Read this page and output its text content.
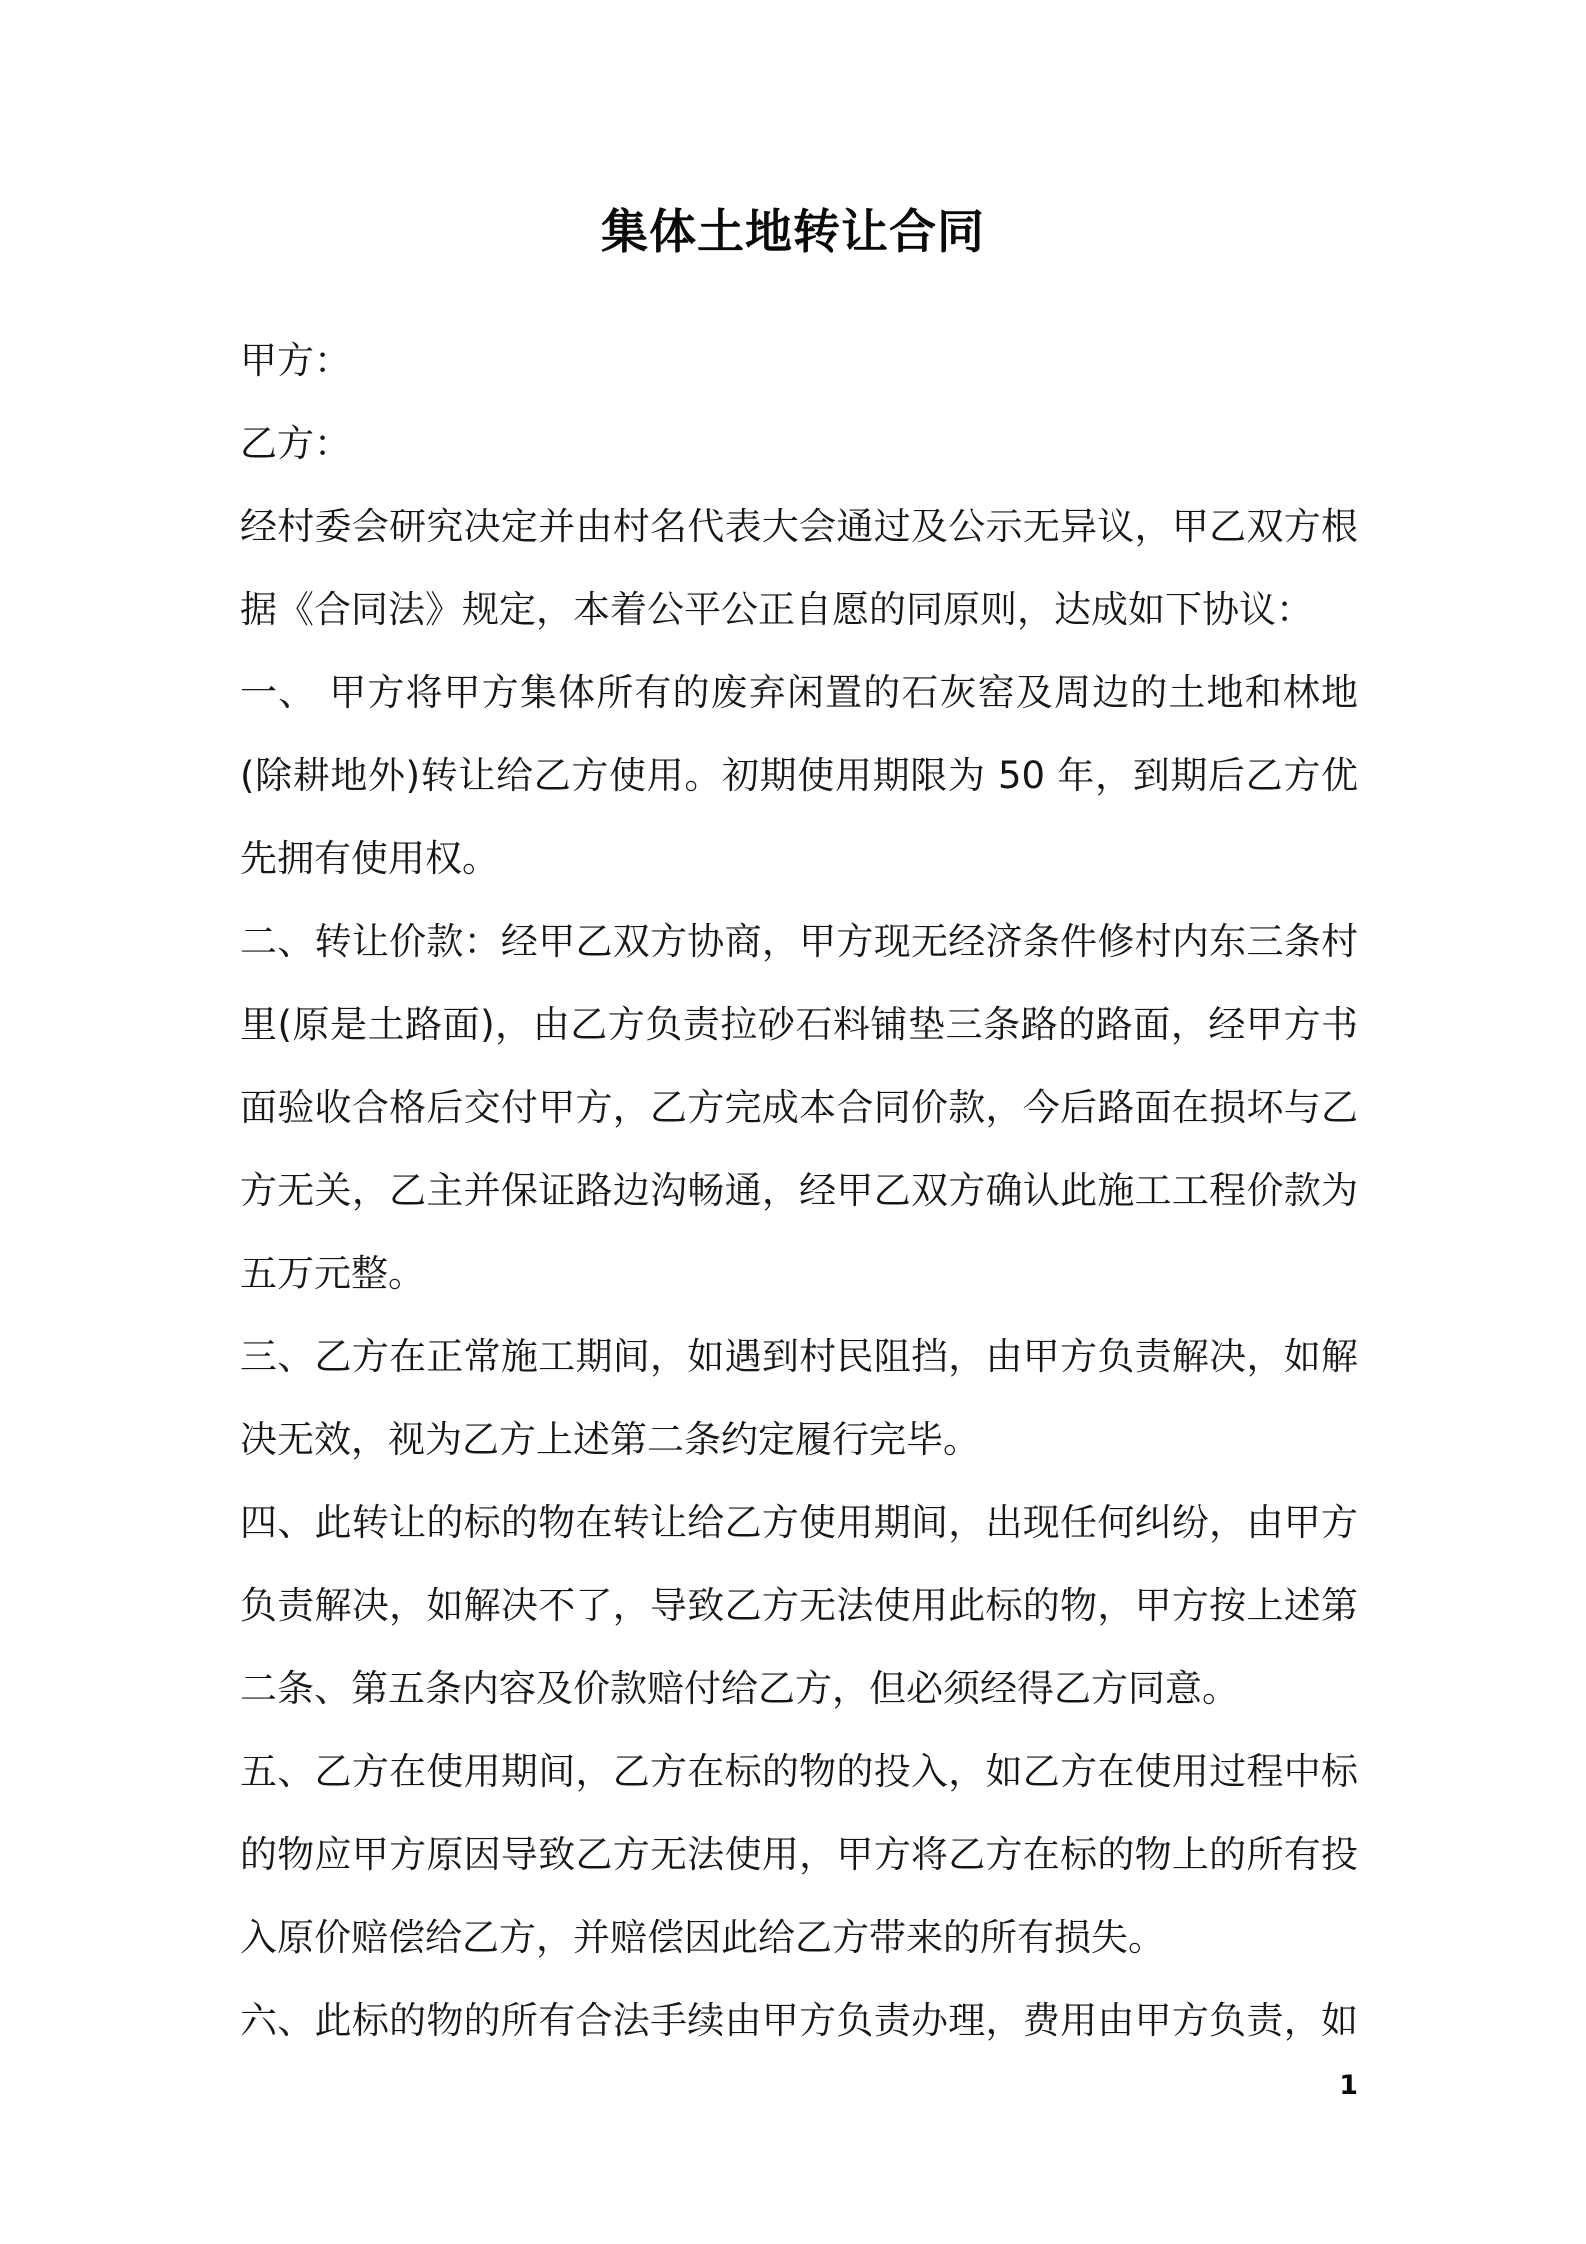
集体土地转让合同
甲方：
乙方：
经村委会研究决定并由村名代表大会通过及公示无异议，甲乙双方根
据《合同法》规定，本着公平公正自愿的同原则，达成如下协议：
一、 甲方将甲方集体所有的废弃闲置的石灰窑及周边的土地和林地
(除耕地外)转让给乙方使用。初期使用期限为 50 年，到期后乙方优
先拥有使用权。
二、转让价款：经甲乙双方协商，甲方现无经济条件修村内东三条村
里(原是土路面)，由乙方负责拉砂石料铺垫三条路的路面，经甲方书
面验收合格后交付甲方，乙方完成本合同价款，今后路面在损坏与乙
方无关，乙主并保证路边沟畅通，经甲乙双方确认此施工工程价款为
五万元整。
三、乙方在正常施工期间，如遇到村民阻挡，由甲方负责解决，如解
决无效，视为乙方上述第二条约定履行完毕。
四、此转让的标的物在转让给乙方使用期间，出现任何纠纷，由甲方
负责解决，如解决不了，导致乙方无法使用此标的物，甲方按上述第
二条、第五条内容及价款赔付给乙方，但必须经得乙方同意。
五、乙方在使用期间，乙方在标的物的投入，如乙方在使用过程中标
的物应甲方原因导致乙方无法使用，甲方将乙方在标的物上的所有投
入原价赔偿给乙方，并赔偿因此给乙方带来的所有损失。
六、此标的物的所有合法手续由甲方负责办理，费用由甲方负责，如
1
